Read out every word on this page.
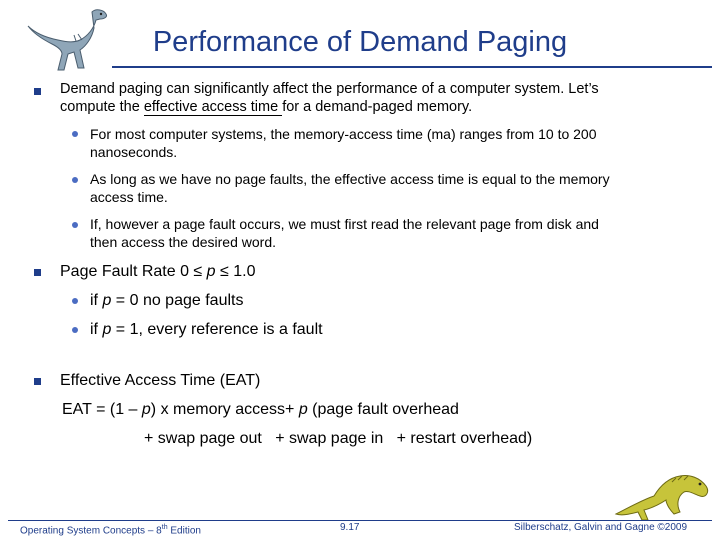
Performance of Demand Paging
Demand paging can significantly affect the performance of a computer system. Let’s
compute the effective access time for a demand-paged memory.
For most computer systems, the memory-access time (ma) ranges from 10 to 200
nanoseconds.
As long as we have no page faults, the effective access time is equal to the memory
access time.
If, however a page fault occurs, we must first read the relevant page from disk and
then access the desired word.
Page Fault Rate 0 ≤ p ≤ 1.0
if p = 0 no page faults
if p = 1, every reference is a fault
Effective Access Time (EAT)
EAT = (1 – p) x memory access+ p (page fault overhead
+ swap page out   + swap page in   + restart overhead)
Operating System Concepts – 8th Edition	9.17	Silberschatz, Galvin and Gagne ©2009
